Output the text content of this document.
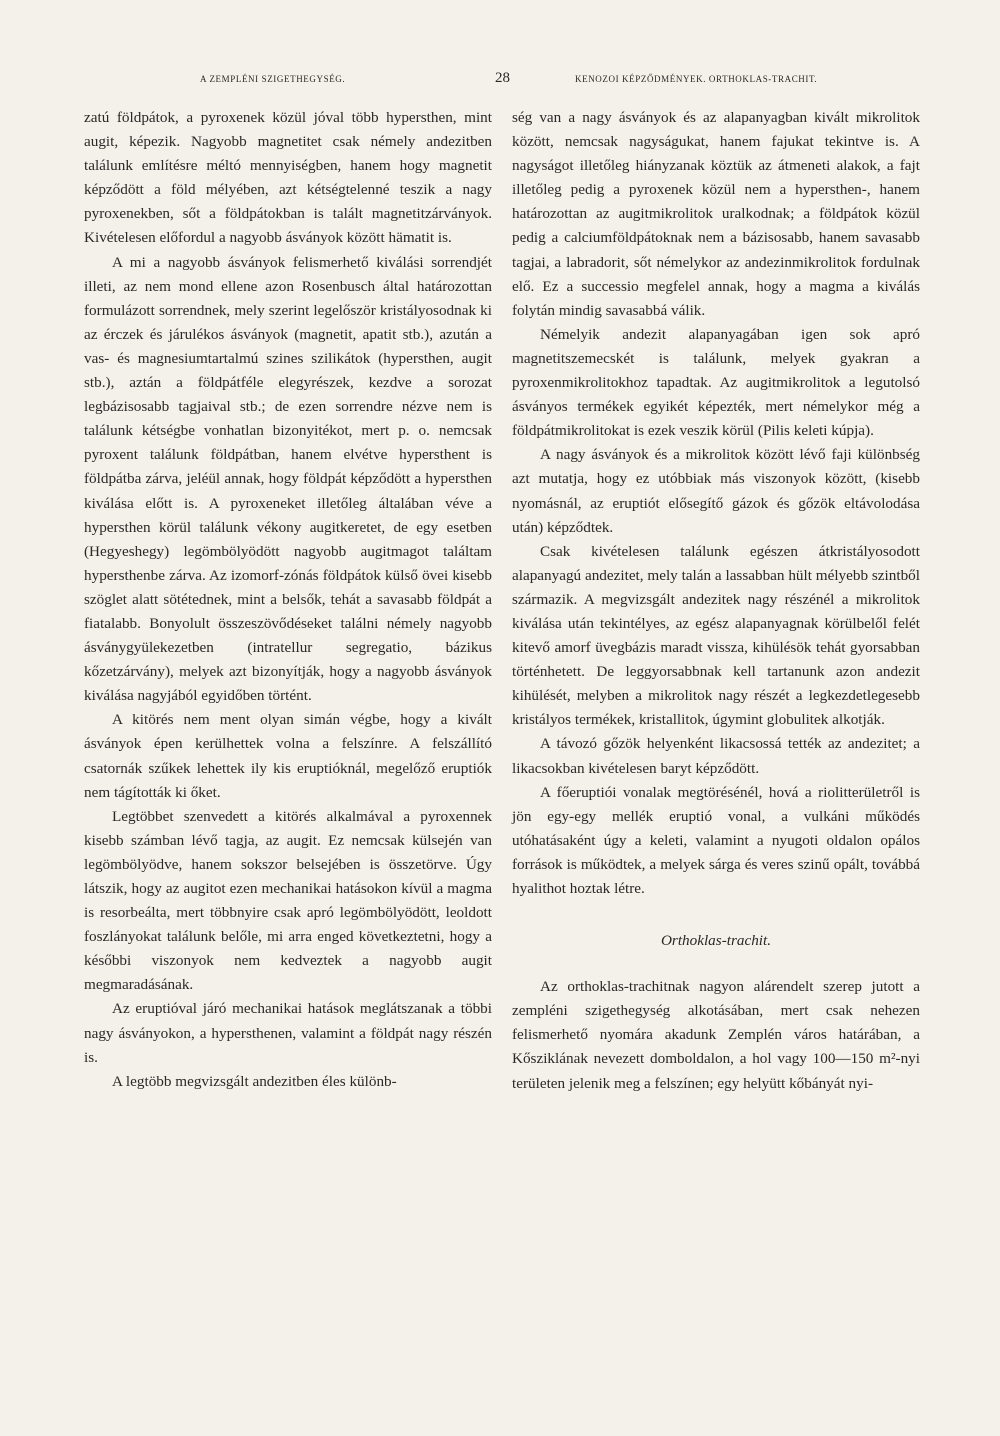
A ZEMPLÉNI SZIGETHEGYSÉG.	28	KENOZOI KÉPZŐDMÉNYEK. ORTHOKLAS-TRACHIT.

zatú földpátok, a pyroxenek közül jóval több hypersthen, mint augit, képezik. Nagyobb magnetitet csak némely andezitben találunk említésre méltó mennyiségben, hanem hogy magnetit képződött a föld mélyében, azt kétségtelenné teszik a nagy pyroxenekben, sőt a földpátokban is talált magnetitzárványok. Kivételesen előfordul a nagyobb ásványok között hämatit is.

A mi a nagyobb ásványok felismerhető kiválási sorrendjét illeti, az nem mond ellene azon Rosenbusch által határozottan formulázott sorrendnek, mely szerint legelőször kristályosodnak ki az érczek és járulékos ásványok (magnetit, apatit stb.), azután a vas- és magnesiumtartalmú szines szilikátok (hypersthen, augit stb.), aztán a földpátféle elegyrészek, kezdve a sorozat legbázisosabb tagjaival stb.; de ezen sorrendre nézve nem is találunk kétségbe vonhatlan bizonyitékot, mert p. o. nemcsak pyroxent találunk földpátban, hanem elvétve hypersthent is földpátba zárva, jeléül annak, hogy földpát képződött a hypersthen kiválása előtt is. A pyroxeneket illetőleg általában véve a hypersthen körül találunk vékony augitkeretet, de egy esetben (Hegyeshegy) legömbölyödött nagyobb augitmagot találtam hypersthenbe zárva. Az izomorf-zónás földpátok külső övei kisebb szöglet alatt sötétednek, mint a belsők, tehát a savasabb földpát a fiatalabb. Bonyolult összeszövődéseket találni némely nagyobb ásványgyülekezetben (intratellur segregatio, bázikus kőzetzárvány), melyek azt bizonyítják, hogy a nagyobb ásványok kiválása nagyjából egyidőben történt.

A kitörés nem ment olyan simán végbe, hogy a kivált ásványok épen kerülhettek volna a felszínre. A felszállító csatornák szűkek lehettek ily kis eruptióknál, megelőző eruptiók nem tágították ki őket.

Legtöbbet szenvedett a kitörés alkalmával a pyroxennek kisebb számban lévő tagja, az augit. Ez nemcsak külsején van legömbölyödve, hanem sokszor belsejében is összetörve. Úgy látszik, hogy az augitot ezen mechanikai hatásokon kívül a magma is resorbeálta, mert többnyire csak apró legömbölyödött, leoldott foszlányokat találunk belőle, mi arra enged következtetni, hogy a későbbi viszonyok nem kedveztek a nagyobb augit megmaradásának.

Az eruptióval járó mechanikai hatások meglátszanak a többi nagy ásványokon, a hypersthenen, valamint a földpát nagy részén is.

A legtöbb megvizsgált andezitben éles különb-

ség van a nagy ásványok és az alapanyagban kivált mikrolitok között, nemcsak nagyságukat, hanem fajukat tekintve is. A nagyságot illetőleg hiányzanak köztük az átmeneti alakok, a fajt illetőleg pedig a pyroxenek közül nem a hypersthen-, hanem határozottan az augitmikrolitok uralkodnak; a földpátok közül pedig a calciumföldpátoknak nem a bázisosabb, hanem savasabb tagjai, a labradorit, sőt némelykor az andezinmikrolitok fordulnak elő. Ez a successio megfelel annak, hogy a magma a kiválás folytán mindig savasabbá válik.

Némelyik andezit alapanyagában igen sok apró magnetitszemecskét is találunk, melyek gyakran a pyroxenmikrolitokhoz tapadtak. Az augitmikrolitok a legutolsó ásványos termékek egyikét képezték, mert némelykor még a földpátmikrolitokat is ezek veszik körül (Pilis keleti kúpja).

A nagy ásványok és a mikrolitok között lévő faji különbség azt mutatja, hogy ez utóbbiak más viszonyok között, (kisebb nyomásnál, az eruptiót elősegítő gázok és gőzök eltávolodása után) képződtek.

Csak kivételesen találunk egészen átkristályosodott alapanyagú andezitet, mely talán a lassabban hült mélyebb szintből származik. A megvizsgált andezitek nagy részénél a mikrolitok kiválása után tekintélyes, az egész alapanyagnak körülbelől felét kitevő amorf üvegbázis maradt vissza, kihülésök tehát gyorsabban történhetett. De leggyorsabbnak kell tartanunk azon andezit kihülését, melyben a mikrolitok nagy részét a legkezdetlegesebb kristályos termékek, kristallitok, úgymint globulitek alkotják.

A távozó gőzök helyenként likacsossá tették az andezitet; a likacsokban kivételesen baryt képződött.

A főeruptiói vonalak megtörésénél, hová a riolitterületről is jön egy-egy mellék eruptió vonal, a vulkáni működés utóhatásaként úgy a keleti, valamint a nyugoti oldalon opálos források is működtek, a melyek sárga és veres szinű opált, továbbá hyalithot hoztak létre.

Orthoklas-trachit.

Az orthoklas-trachitnak nagyon alárendelt szerep jutott a zempléni szigethegység alkotásában, mert csak nehezen felismerhető nyomára akadunk Zemplén város határában, a Kősziklának nevezett domboldalon, a hol vagy 100—150 m²-nyi területen jelenik meg a felszínen; egy helyütt kőbányát nyi-
